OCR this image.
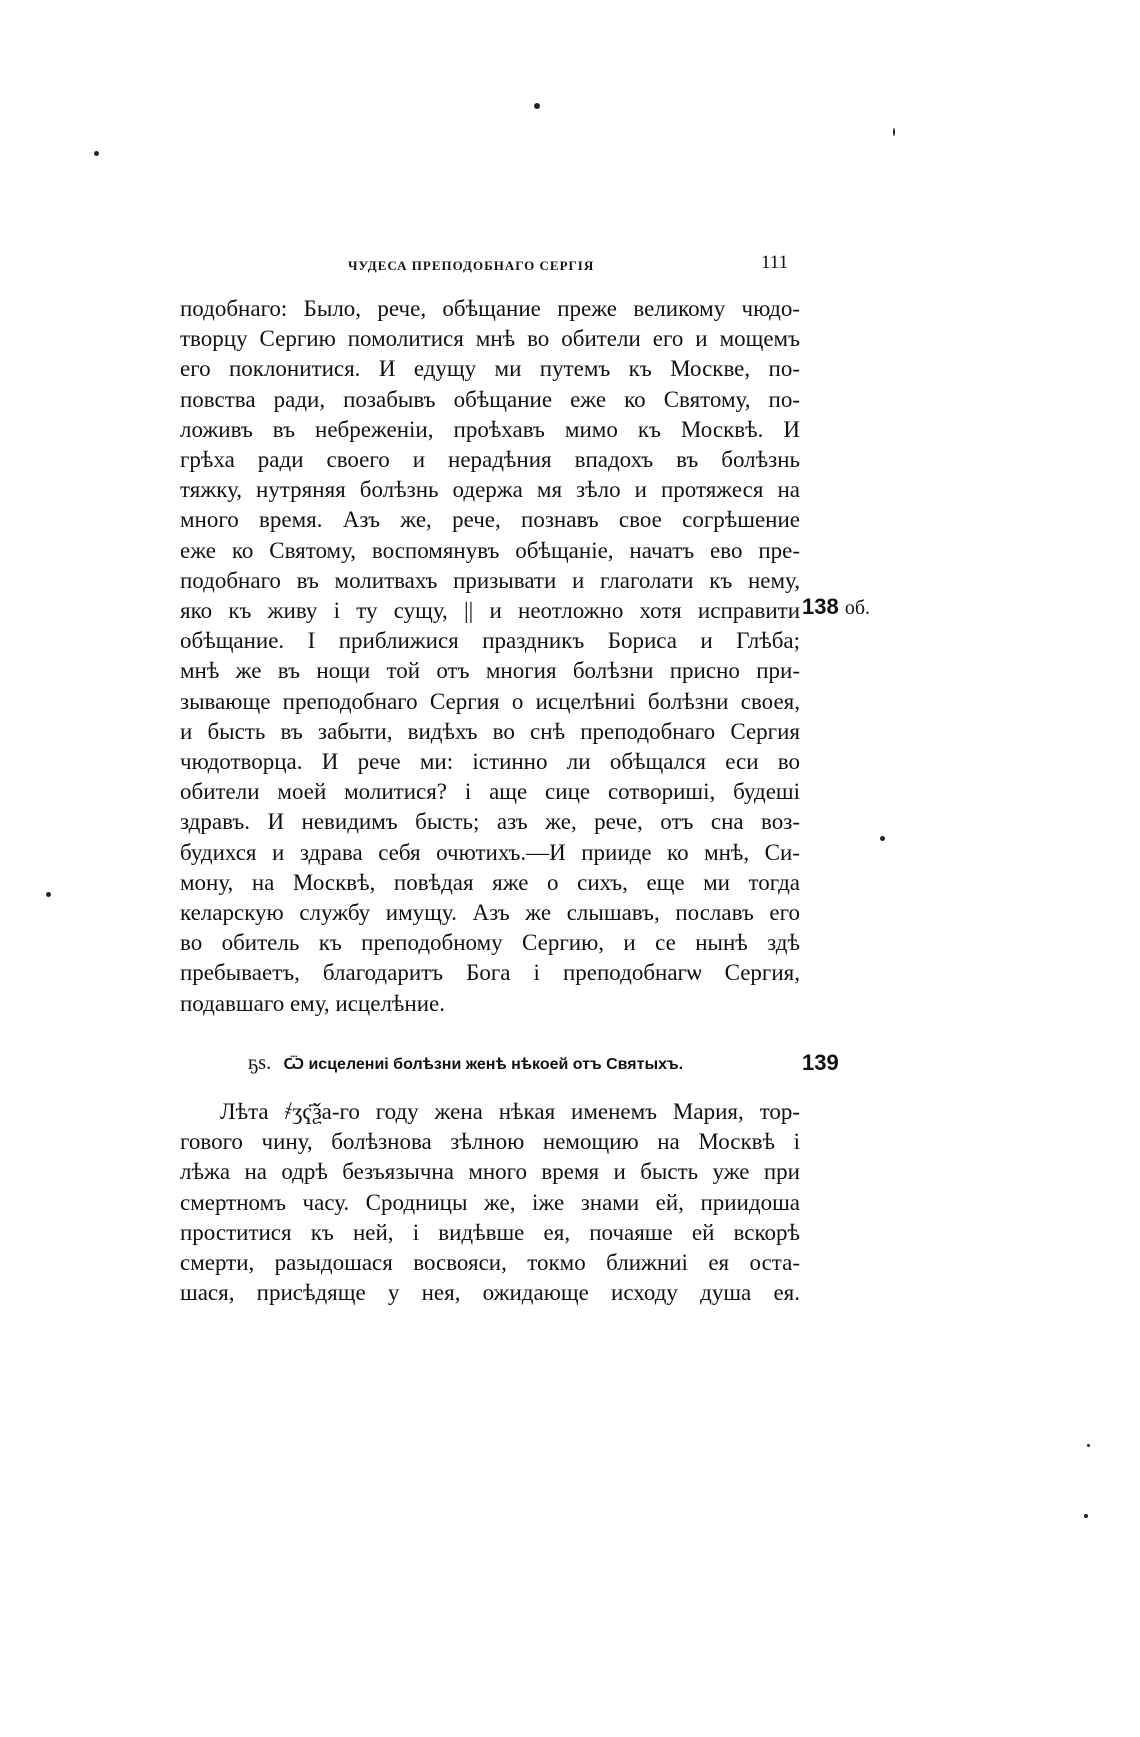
ЧУДЕСА ПРЕПОДОБНАГО СЕРГІЯ	111
подобнаго: Было, рече, обѣщание преже великому чюдо-
творцу Сергию помолитися мнѣ во обители его и мощемъ
его поклонитися. И едущу ми путемъ къ Москве, по-
повства ради, позабывъ обѣщание еже ко Святому, по-
ложивъ въ небреженіи, проѣхавъ мимо къ Москвѣ. И
грѣха ради своего и нерадѣния впадохъ въ болѣзнь
тяжку, нутряняя болѣзнь одержа мя зѣло и протяжеся на
много время. Азъ же, рече, познавъ свое согрѣшение
еже ко Святому, воспомянувъ обѣщаніе, начатъ ево пре-
подобнаго въ молитвахъ призывати и глаголати къ нему,
яко къ живу і ту сущу, || и неотложно хотя исправити
обѣщание. І приближися праздникъ Бориса и Глѣба;
мнѣ же въ нощи той отъ многия болѣзни присно при-
зывающе преподобнаго Сергия о исцелѣниі болѣзни своея,
и бысть въ забыти, видѣхъ во снѣ преподобнаго Сергия
чюдотворца. И рече ми: істинно ли обѣщался еси во
обители моей молитися? і аще сице сотвориші, будеші
здравъ. И невидимъ бысть; азъ же, рече, отъ сна воз-
будихся и здрава себя очютихъ.—И прииде ко мнѣ, Си-
мону, на Москвѣ, повѣдая яже о сихъ, еще ми тогда
келарскую службу имущу. Азъ же слышавъ, пославъ его
во обитель къ преподобному Сергию, и се нынѣ здѣ
пребываетъ, благодаритъ Бога і преподобнагѡ Сергия,
подавшаго ему, исцелѣние.
138 об.
ҕѕ. Ѿ исцелениі болѣзни женѣ нѣкоей отъ Святыхъ.	139
Лѣта ҂ӡҁ҃ѯа-го году жена нѣкая именемъ Мария, тор-
гового чину, болѣзнова зѣлною немощию на Москвѣ і
лѣжа на одрѣ безъязычна много время и бысть уже при
смертномъ часу. Сродницы же, іже знами ей, приидоша
проститися къ ней, і видѣвше ея, почаяше ей вскорѣ
смерти, разыдошася восвояси, токмо ближниі ея оста-
шася, присѣдяще у нея, ожидающе исходу душа ея.
